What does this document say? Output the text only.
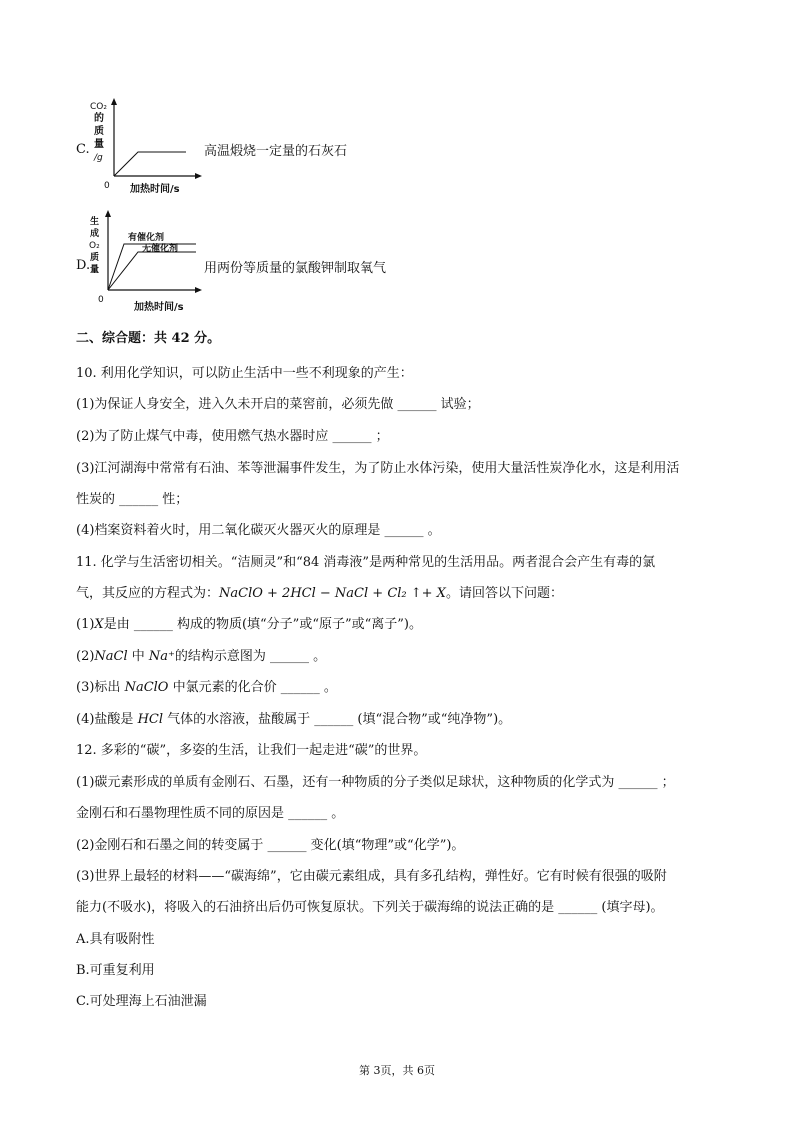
C.
CO₂
的
质
量
/g
0 加热时间/s
高温煅烧一定量的石灰石
D.
生
成
O₂
质
量
有催化剂
无催化剂
0
加热时间/s
用两份等质量的氯酸钾制取氧气
二、综合题：共 42 分。
10. 利用化学知识，可以防止生活中一些不利现象的产生：
(1)为保证人身安全，进入久未开启的菜窖前，必须先做 ______ 试验；
(2)为了防止煤气中毒，使用燃气热水器时应 ______ ；
(3)江河湖海中常常有石油、苯等泄漏事件发生，为了防止水体污染，使用大量活性炭净化水，这是利用活
性炭的 ______ 性；
(4)档案资料着火时，用二氧化碳灭火器灭火的原理是 ______ 。
11. 化学与生活密切相关。“洁厕灵”和“84 消毒液”是两种常见的生活用品。两者混合会产生有毒的氯
气，其反应的方程式为：NaClO + 2HCl − NaCl + Cl₂ ↑+ X。请回答以下问题：
(1)X是由 ______ 构成的物质(填“分子”或“原子”或“离子”)。
(2)NaCl 中 Na⁺的结构示意图为 ______ 。
(3)标出 NaClO 中氯元素的化合价 ______ 。
(4)盐酸是 HCl 气体的水溶液，盐酸属于 ______ (填“混合物”或“纯净物”)。
12. 多彩的“碳”，多姿的生活，让我们一起走进“碳”的世界。
(1)碳元素形成的单质有金刚石、石墨，还有一种物质的分子类似足球状，这种物质的化学式为 ______ ；
金刚石和石墨物理性质不同的原因是 ______ 。
(2)金刚石和石墨之间的转变属于 ______ 变化(填“物理”或“化学”)。
(3)世界上最轻的材料——“碳海绵”，它由碳元素组成，具有多孔结构，弹性好。它有时候有很强的吸附
能力(不吸水)，将吸入的石油挤出后仍可恢复原状。下列关于碳海绵的说法正确的是 ______ (填字母)。
A.具有吸附性
B.可重复利用
C.可处理海上石油泄漏
第 3页，共 6页
